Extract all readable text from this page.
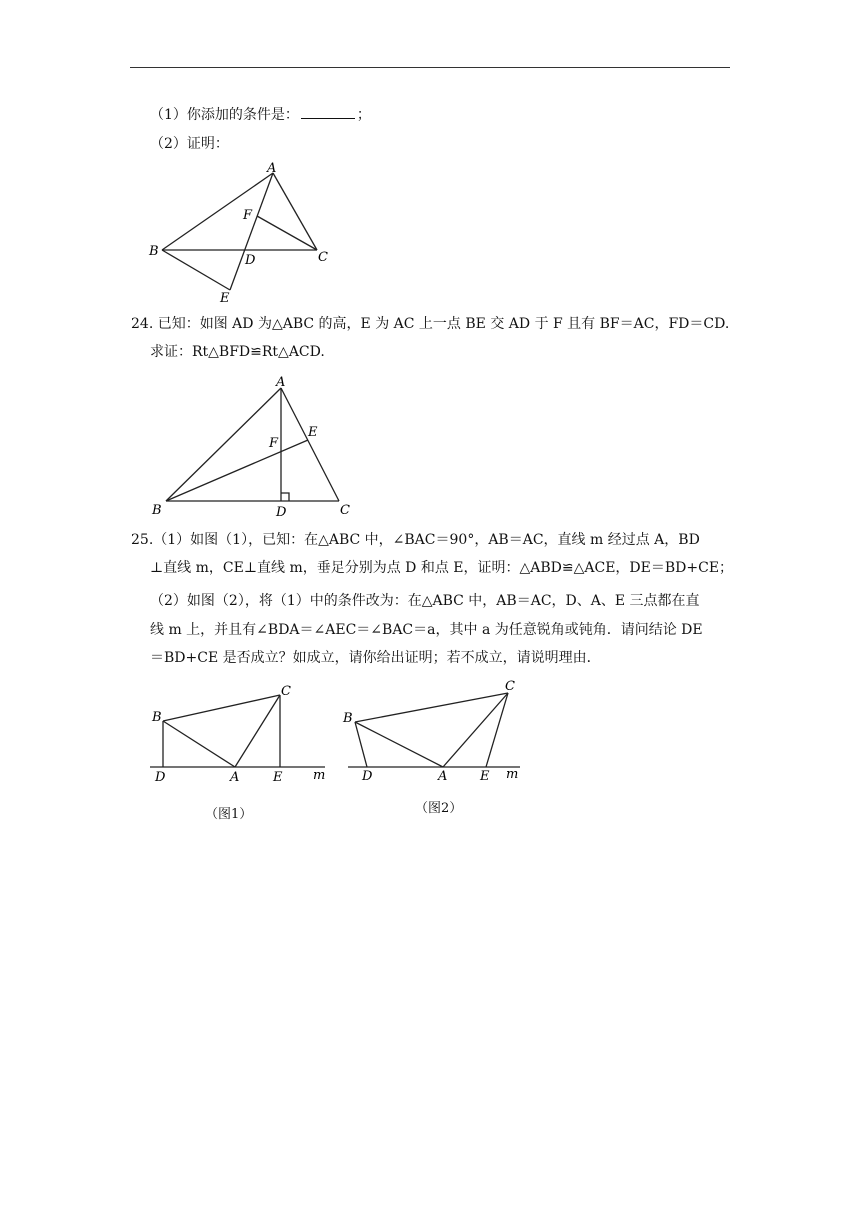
（1）你添加的条件是：	；
（2）证明：
A
B	C
D
E
F
24. 已知：如图 AD 为△ABC 的高，E 为 AC 上一点 BE 交 AD 于 F 且有 BF＝AC，FD＝CD.
求证：Rt△BFD≌Rt△ACD.
A
B	C
D
E
F
25.（1）如图（1），已知：在△ABC 中，∠BAC＝90°，AB＝AC，直线 m 经过点 A，BD
⊥直线 m，CE⊥直线 m，垂足分别为点 D 和点 E，证明：△ABD≌△ACE，DE＝BD+CE；
（2）如图（2），将（1）中的条件改为：在△ABC 中，AB＝AC，D、A、E 三点都在直
线 m 上，并且有∠BDA＝∠AEC＝∠BAC＝a，其中 a 为任意锐角或钝角．请问结论 DE
＝BD+CE 是否成立？如成立，请你给出证明；若不成立，请说明理由．
B
C
D	A	E m
（图1）
B
C
D	A	E m
（图2）
